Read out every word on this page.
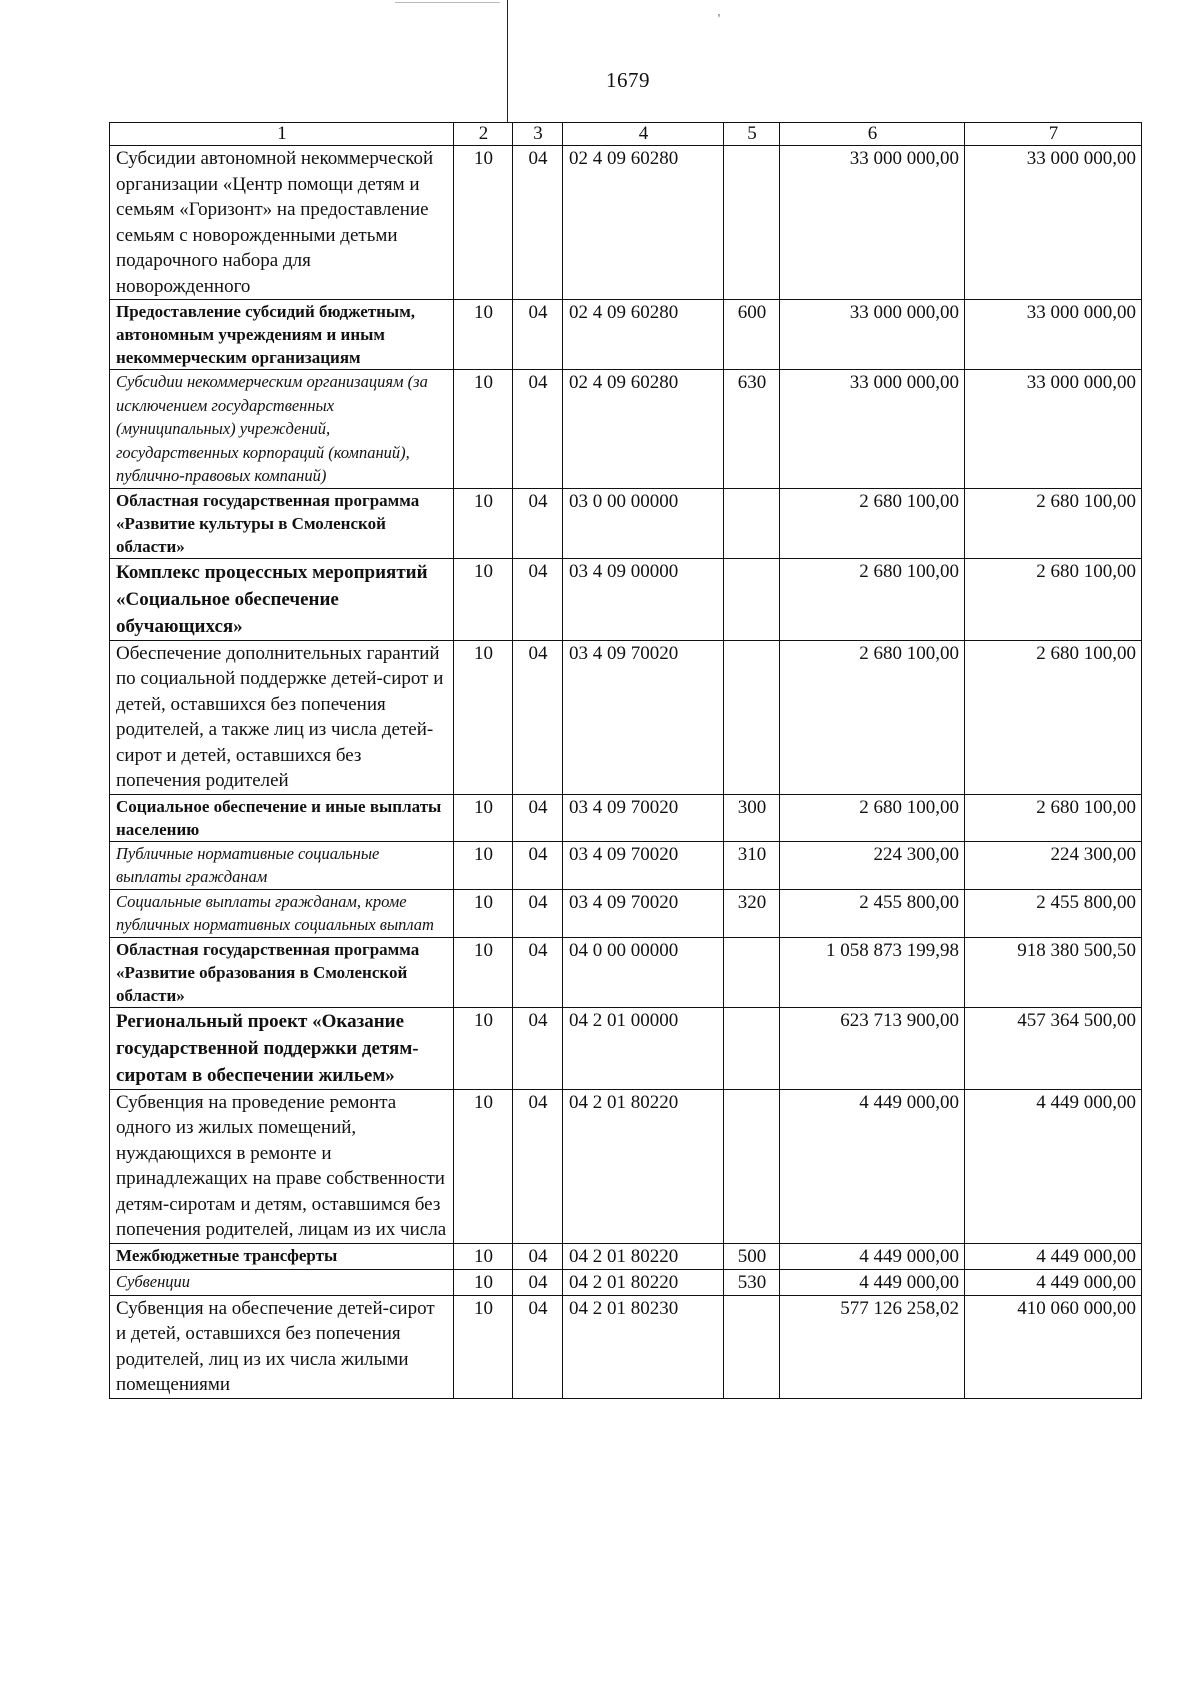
ꞌ
1679
1	2	3	4	5	6	7
Субсидии автономной некоммерческой организации «Центр помощи детям и семьям «Горизонт» на предоставление семьям с новорожденными детьми подарочного набора для новорожденного	10	04	02 4 09 60280		33 000 000,00	33 000 000,00
Предоставление субсидий бюджетным, автономным учреждениям и иным некоммерческим организациям	10	04	02 4 09 60280	600	33 000 000,00	33 000 000,00
Субсидии некоммерческим организациям (за исключением государственных (муниципальных) учреждений, государственных корпораций (компаний), публично-правовых компаний)	10	04	02 4 09 60280	630	33 000 000,00	33 000 000,00
Областная государственная программа «Развитие культуры в Смоленской области»	10	04	03 0 00 00000		2 680 100,00	2 680 100,00
Комплекс процессных мероприятий «Социальное обеспечение обучающихся»	10	04	03 4 09 00000		2 680 100,00	2 680 100,00
Обеспечение дополнительных гарантий по социальной поддержке детей-сирот и детей, оставшихся без попечения родителей, а также лиц из числа детей-сирот и детей, оставшихся без попечения родителей	10	04	03 4 09 70020		2 680 100,00	2 680 100,00
Социальное обеспечение и иные выплаты населению	10	04	03 4 09 70020	300	2 680 100,00	2 680 100,00
Публичные нормативные социальные выплаты гражданам	10	04	03 4 09 70020	310	224 300,00	224 300,00
Социальные выплаты гражданам, кроме публичных нормативных социальных выплат	10	04	03 4 09 70020	320	2 455 800,00	2 455 800,00
Областная государственная программа «Развитие образования в Смоленской области»	10	04	04 0 00 00000		1 058 873 199,98	918 380 500,50
Региональный проект «Оказание государственной поддержки детям-сиротам в обеспечении жильем»	10	04	04 2 01 00000		623 713 900,00	457 364 500,00
Субвенция на проведение ремонта одного из жилых помещений, нуждающихся в ремонте и принадлежащих на праве собственности детям-сиротам и детям, оставшимся без попечения родителей, лицам из их числа	10	04	04 2 01 80220		4 449 000,00	4 449 000,00
Межбюджетные трансферты	10	04	04 2 01 80220	500	4 449 000,00	4 449 000,00
Субвенции	10	04	04 2 01 80220	530	4 449 000,00	4 449 000,00
Субвенция на обеспечение детей-сирот и детей, оставшихся без попечения родителей, лиц из их числа жилыми помещениями	10	04	04 2 01 80230		577 126 258,02	410 060 000,00
